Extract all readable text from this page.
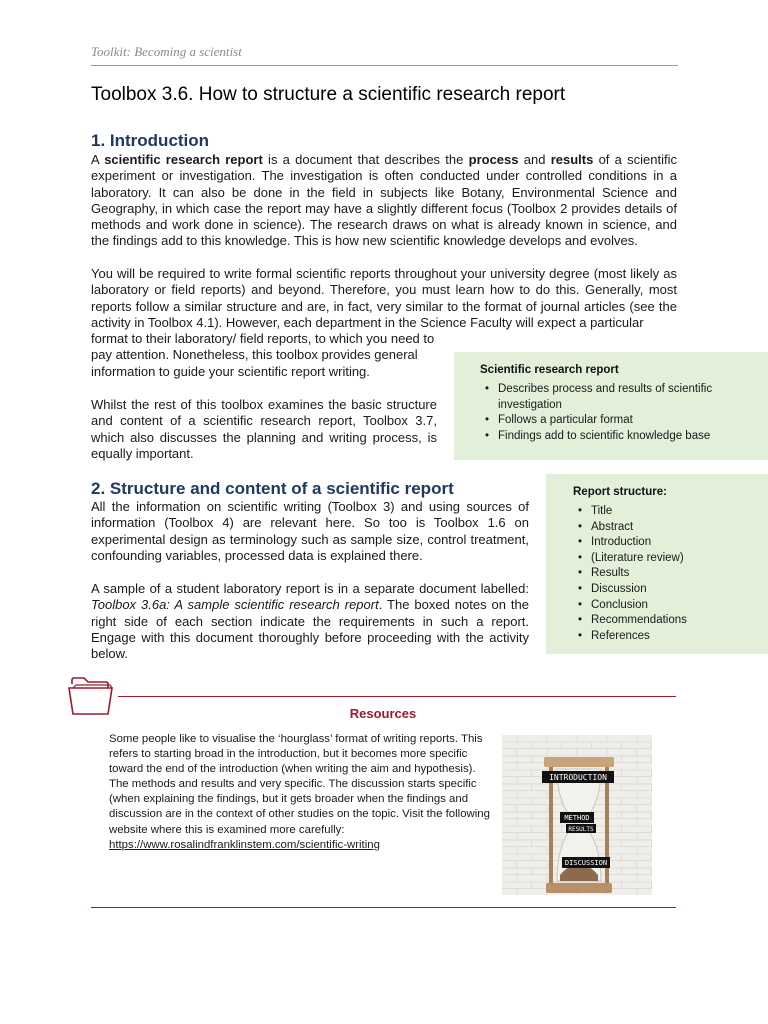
Toolkit: Becoming a scientist
Toolbox 3.6. How to structure a scientific research report
1. Introduction

A scientific research report is a document that describes the process and results of a scientific experiment or investigation. The investigation is often conducted under controlled conditions in a laboratory. It can also be done in the field in subjects like Botany, Environmental Science and Geography, in which case the report may have a slightly different focus (Toolbox 2 provides details of methods and work done in science). The research draws on what is already known in science, and the findings add to this knowledge. This is how new scientific knowledge develops and evolves.

You will be required to write formal scientific reports throughout your university degree (most likely as laboratory or field reports) and beyond. Therefore, you must learn how to do this. Generally, most reports follow a similar structure and are, in fact, very similar to the format of journal articles (see the activity in Toolbox 4.1). However, each department in the Science Faculty will expect a particular
format to their laboratory/ field reports, to which you need to pay attention. Nonetheless, this toolbox provides general information to guide your scientific report writing.
Whilst the rest of this toolbox examines the basic structure and content of a scientific research report, Toolbox 3.7, which also discusses the planning and writing process, is equally important.
Scientific research report
• Describes process and results of scientific investigation
• Follows a particular format
• Findings add to scientific knowledge base
2. Structure and content of a scientific report
All the information on scientific writing (Toolbox 3) and using sources of information (Toolbox 4) are relevant here. So too is Toolbox 1.6 on experimental design as terminology such as sample size, control treatment, confounding variables, processed data is explained there.

A sample of a student laboratory report is in a separate document labelled: Toolbox 3.6a: A sample scientific research report. The boxed notes on the right side of each section indicate the requirements in such a report. Engage with this document thoroughly before proceeding with the activity below.

Report structure:
• Title
• Abstract
• Introduction
• (Literature review)
• Results
• Discussion
• Conclusion
• Recommendations
• References
Resources
Some people like to visualise the ‘hourglass’ format of writing reports. This refers to starting broad in the introduction, but it becomes more specific toward the end of the introduction (when writing the aim and hypothesis). The methods and results and very specific. The discussion starts specific (when explaining the findings, but it gets broader when the findings and discussion are in the context of other studies on the topic. Visit the following website where this is examined more carefully:
https://www.rosalindfranklinstem.com/scientific-writing
INTRODUCTION
METHOD
RESULTS
DISCUSSION
